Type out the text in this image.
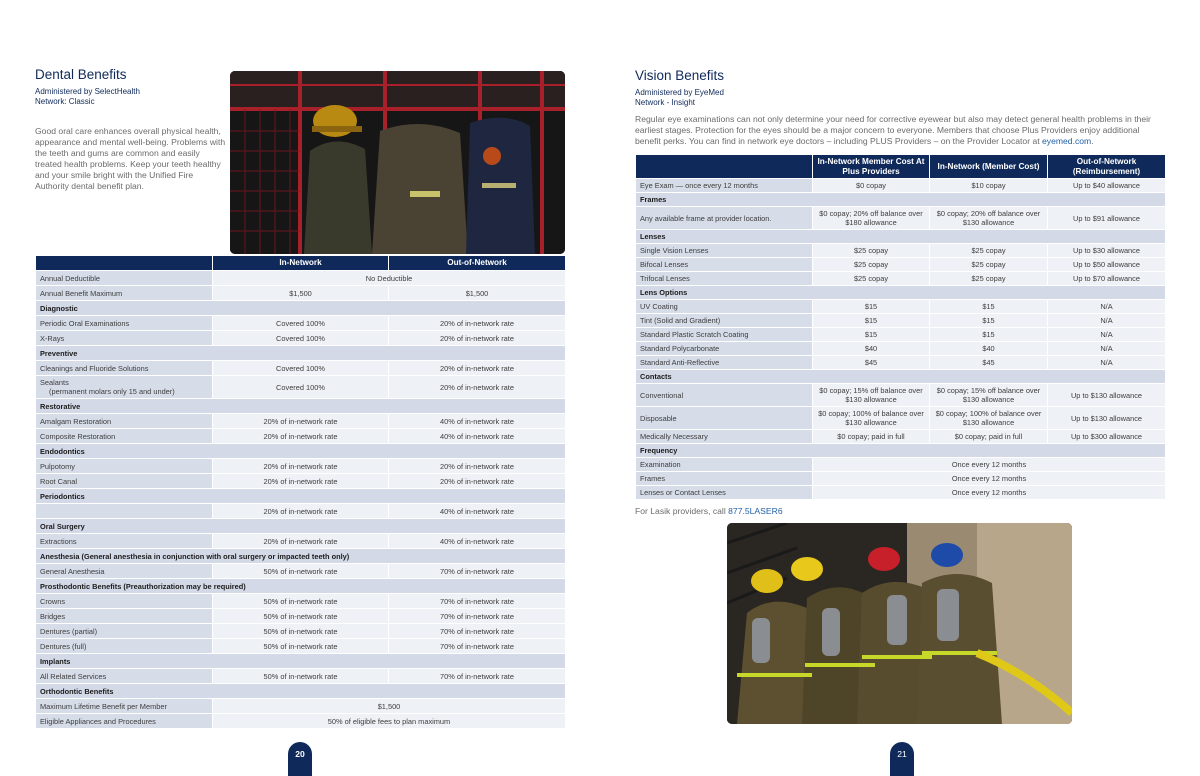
Dental Benefits
Administered by SelectHealth
Network: Classic

Good oral care enhances overall physical health, appearance and mental well-being. Problems with the teeth and gums are common and easily treated health problems. Keep your teeth healthy and your smile bright with the Unified Fire Authority dental benefit plan.

	In-Network	Out-of-Network
Annual Deductible	No Deductible	
Annual Benefit Maximum	$1,500	$1,500
Diagnostic		
Periodic Oral Examinations	Covered 100%	20% of in-network rate
X-Rays	Covered 100%	20% of in-network rate
Preventive		
Cleanings and Fluoride Solutions	Covered 100%	20% of in-network rate
Sealants
(permanent molars only 15 and under)	Covered 100%	20% of in-network rate
Restorative		
Amalgam Restoration	20% of in-network rate	40% of in-network rate
Composite Restoration	20% of in-network rate	40% of in-network rate
Endodontics		
Pulpotomy	20% of in-network rate	20% of in-network rate
Root Canal	20% of in-network rate	20% of in-network rate
Periodontics		
	20% of in-network rate	40% of in-network rate
Oral Surgery		
Extractions	20% of in-network rate	40% of in-network rate
Anesthesia (General anesthesia in conjunction with oral surgery or impacted teeth only)		
General Anesthesia	50% of in-network rate	70% of in-network rate
Prosthodontic Benefits (Preauthorization may be required)		
Crowns	50% of in-network rate	70% of in-network rate
Bridges	50% of in-network rate	70% of in-network rate
Dentures (partial)	50% of in-network rate	70% of in-network rate
Dentures (full)	50% of in-network rate	70% of in-network rate
Implants		
All Related Services	50% of in-network rate	70% of in-network rate
Orthodontic Benefits		
Maximum Lifetime Benefit per Member	$1,500	
Eligible Appliances and Procedures	50% of eligible fees to plan maximum	
20
Vision Benefits
Administered by EyeMed
Network - Insight

Regular eye examinations can not only determine your need for corrective eyewear but also may detect general health problems in their earliest stages. Protection for the eyes should be a major concern to everyone. Members that choose Plus Providers enjoy additional benefit perks. You can find in network eye doctors – including PLUS Providers – on the Provider Locator at eyemed.com.

	In-Network Member Cost At Plus Providers	In-Network (Member Cost)	Out-of-Network (Reimbursement)
Eye Exam — once every 12 months	$0 copay	$10 copay	Up to $40 allowance
Frames			
Any available frame at provider location.	$0 copay; 20% off balance over $180 allowance	$0 copay; 20% off balance over $130 allowance	Up to $91 allowance
Lenses			
Single Vision Lenses	$25 copay	$25 copay	Up to $30 allowance
Bifocal Lenses	$25 copay	$25 copay	Up to $50 allowance
Trifocal Lenses	$25 copay	$25 copay	Up to $70 allowance
Lens Options			
UV Coating	$15	$15	N/A
Tint (Solid and Gradient)	$15	$15	N/A
Standard Plastic Scratch Coating	$15	$15	N/A
Standard Polycarbonate	$40	$40	N/A
Standard Anti-Reflective	$45	$45	N/A
Contacts			
Conventional	$0 copay; 15% off balance over $130 allowance	$0 copay; 15% off balance over $130 allowance	Up to $130 allowance
Disposable	$0 copay; 100% of balance over $130 allowance	$0 copay; 100% of balance over $130 allowance	Up to $130 allowance
Medically Necessary	$0 copay; paid in full	$0 copay; paid in full	Up to $300 allowance
Frequency			
Examination	Once every 12 months		
Frames	Once every 12 months		
Lenses or Contact Lenses	Once every 12 months		

For Lasik providers, call 877.5LASER6

21
